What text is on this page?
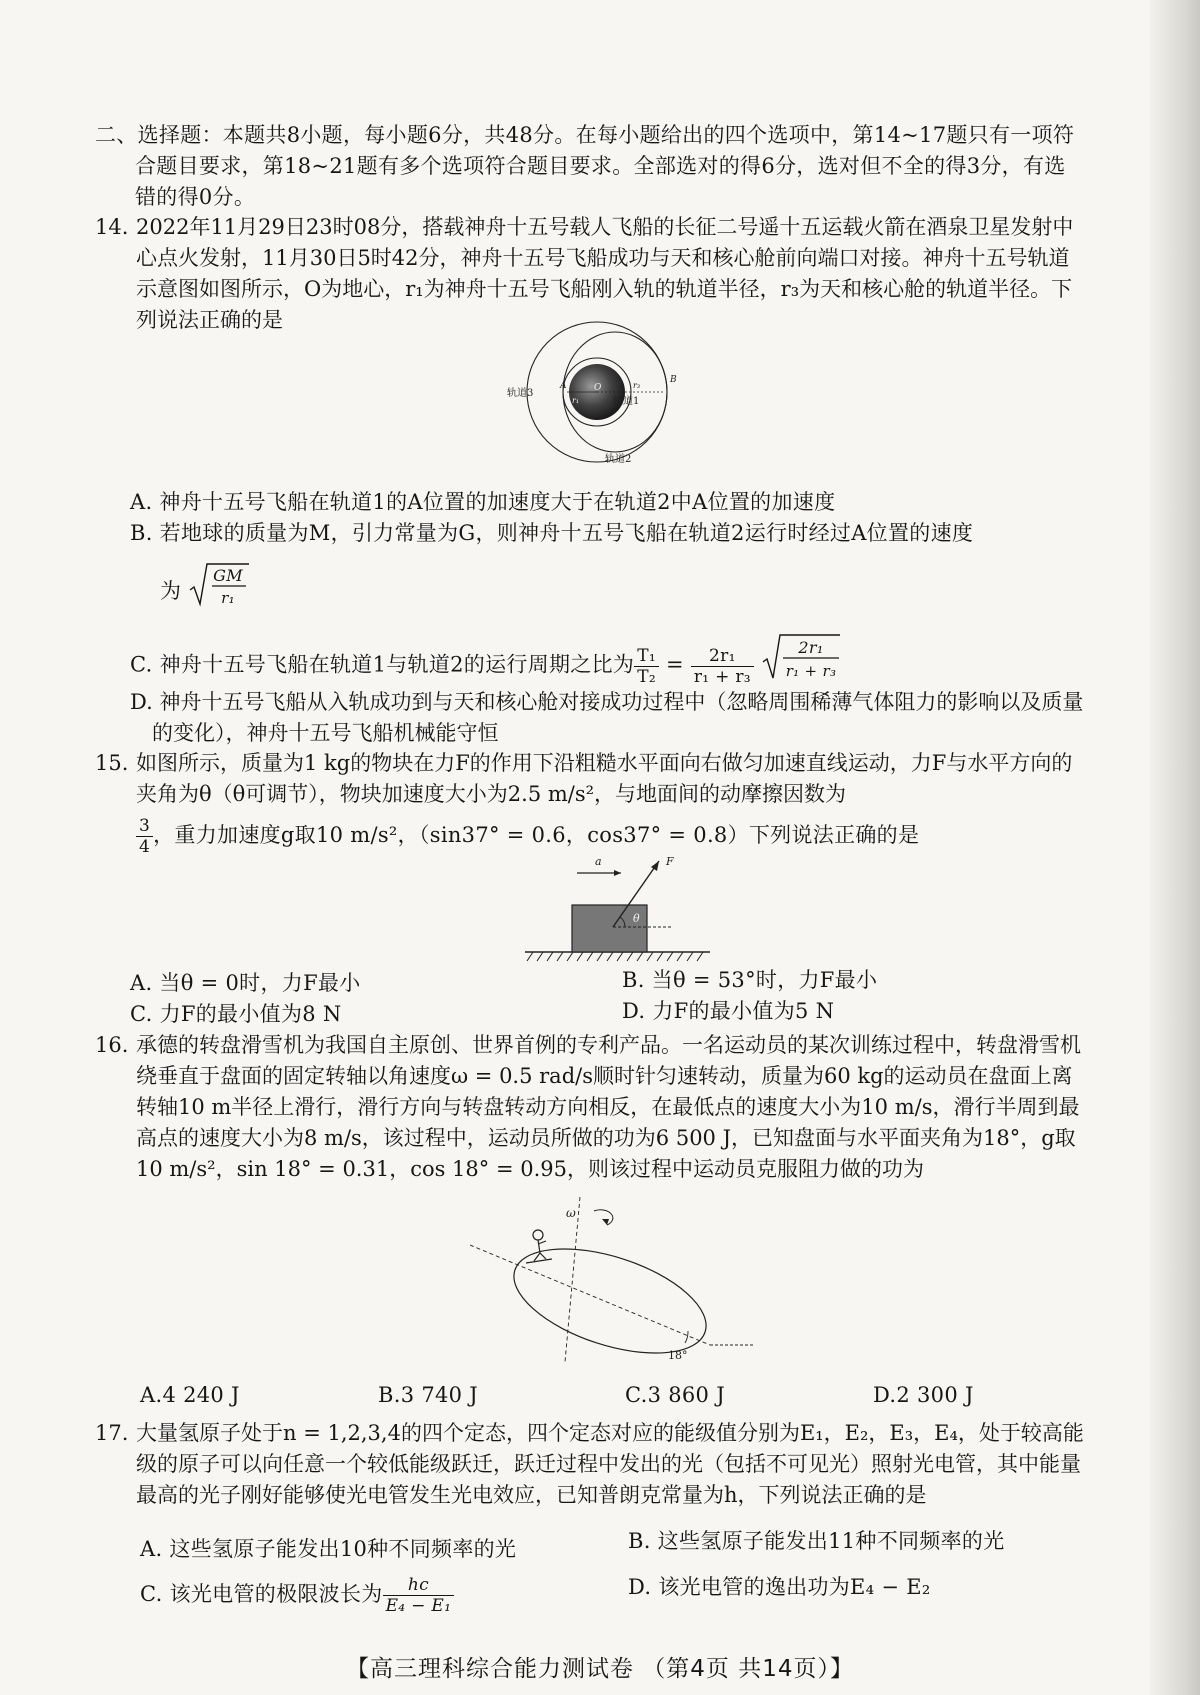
二、选择题：本题共8小题，每小题6分，共48分。在每小题给出的四个选项中，第14~17题只有一项符合题目要求，第18~21题有多个选项符合题目要求。全部选对的得6分，选对但不全的得3分，有选错的得0分。
14. 2022年11月29日23时08分，搭载神舟十五号载人飞船的长征二号遥十五运载火箭在酒泉卫星发射中心点火发射，11月30日5时42分，神舟十五号飞船成功与天和核心舱前向端口对接。神舟十五号轨道示意图如图所示，O为地心，r₁为神舟十五号飞船刚入轨的轨道半径，r₃为天和核心舱的轨道半径。下列说法正确的是
轨道3
A
r₁
O
轨道1
r₃
B
轨道2
A. 神舟十五号飞船在轨道1的A位置的加速度大于在轨道2中A位置的加速度
B. 若地球的质量为M，引力常量为G，则神舟十五号飞船在轨道2运行时经过A位置的速度
为
GM
r₁
C. 神舟十五号飞船在轨道1与轨道2的运行周期之比为 $\frac{\text{T₁}}{\text{T₂}} = \frac{\text{2r₁}}{\text{r₁ + r₃}}$
	2r₁
r₁ + r₃
D. 神舟十五号飞船从入轨成功到与天和核心舱对接成功过程中（忽略周围稀薄气体阻力的影响以及质量的变化），神舟十五号飞船机械能守恒
15. 如图所示，质量为1 kg的物块在力F的作用下沿粗糙水平面向右做匀加速直线运动，力F与水平方向的夹角为θ（θ可调节），物块加速度大小为2.5 m/s²，与地面间的动摩擦因数为
$\frac{3}{4}$ ，重力加速度g取10 m/s²，（sin37° = 0.6，cos37° = 0.8）下列说法正确的是
θ
F
a
A. 当θ = 0时，力F最小	B. 当θ = 53°时，力F最小
C. 力F的最小值为8 N	D. 力F的最小值为5 N
16. 承德的转盘滑雪机为我国自主原创、世界首例的专利产品。一名运动员的某次训练过程中，转盘滑雪机绕垂直于盘面的固定转轴以角速度ω = 0.5 rad/s顺时针匀速转动，质量为60 kg的运动员在盘面上离转轴10 m半径上滑行，滑行方向与转盘转动方向相反，在最低点的速度大小为10 m/s，滑行半周到最高点的速度大小为8 m/s，该过程中，运动员所做的功为6 500 J，已知盘面与水平面夹角为18°，g取10 m/s²，sin 18° = 0.31，cos 18° = 0.95，则该过程中运动员克服阻力做的功为
ω
18°
A.4 240 J	B.3 740 J	C.3 860 J	D.2 300 J
17. 大量氢原子处于n = 1,2,3,4的四个定态，四个定态对应的能级值分别为E₁，E₂，E₃，E₄，处于较高能级的原子可以向任意一个较低能级跃迁，跃迁过程中发出的光（包括不可见光）照射光电管，其中能量最高的光子刚好能够使光电管发生光电效应，已知普朗克常量为h，下列说法正确的是
A. 这些氢原子能发出10种不同频率的光	B. 这些氢原子能发出11种不同频率的光
C. 该光电管的极限波长为 $\frac{hc}{\text{E₄ − E₁}}$	D. 该光电管的逸出功为E₄ − E₂
【高三理科综合能力测试卷 （第4页 共14页）】
